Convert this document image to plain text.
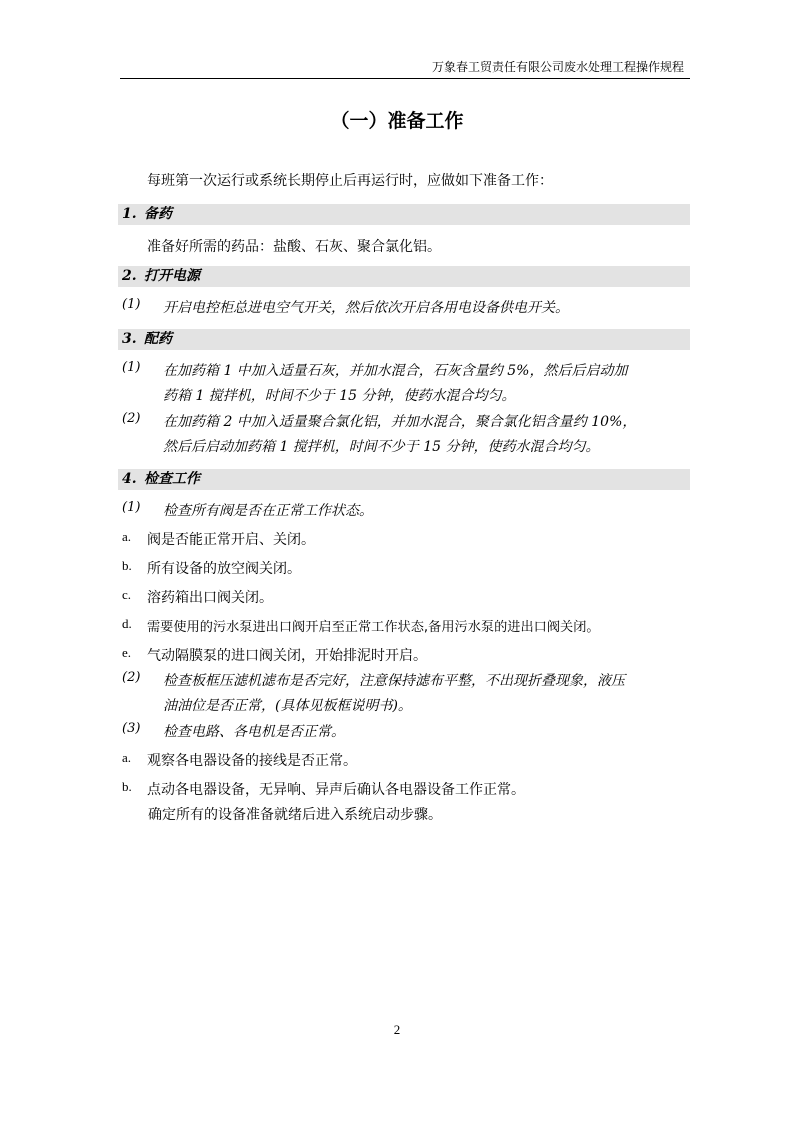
万象春工贸责任有限公司废水处理工程操作规程
（一）准备工作
每班第一次运行或系统长期停止后再运行时，应做如下准备工作：
1. 备药
准备好所需的药品：盐酸、石灰、聚合氯化铝。
2. 打开电源
(1) 开启电控柜总进电空气开关，然后依次开启各用电设备供电开关。
3. 配药
(1) 在加药箱 1 中加入适量石灰，并加水混合，石灰含量约 5%，然后后启动加
药箱 1 搅拌机，时间不少于 15 分钟，使药水混合均匀。
(2) 在加药箱 2 中加入适量聚合氯化铝，并加水混合，聚合氯化铝含量约 10%，
然后后启动加药箱 1 搅拌机，时间不少于 15 分钟，使药水混合均匀。
4. 检查工作
(1) 检查所有阀是否在正常工作状态。
a. 阀是否能正常开启、关闭。
b. 所有设备的放空阀关闭。
c. 溶药箱出口阀关闭。
d. 需要使用的污水泵进出口阀开启至正常工作状态,备用污水泵的进出口阀关闭。
e. 气动隔膜泵的进口阀关闭，开始排泥时开启。
(2) 检查板框压滤机滤布是否完好，注意保持滤布平整，不出现折叠现象，液压
油油位是否正常，(具体见板框说明书)。
(3) 检查电路、各电机是否正常。
a. 观察各电器设备的接线是否正常。
b. 点动各电器设备，无异响、异声后确认各电器设备工作正常。
确定所有的设备准备就绪后进入系统启动步骤。
2
